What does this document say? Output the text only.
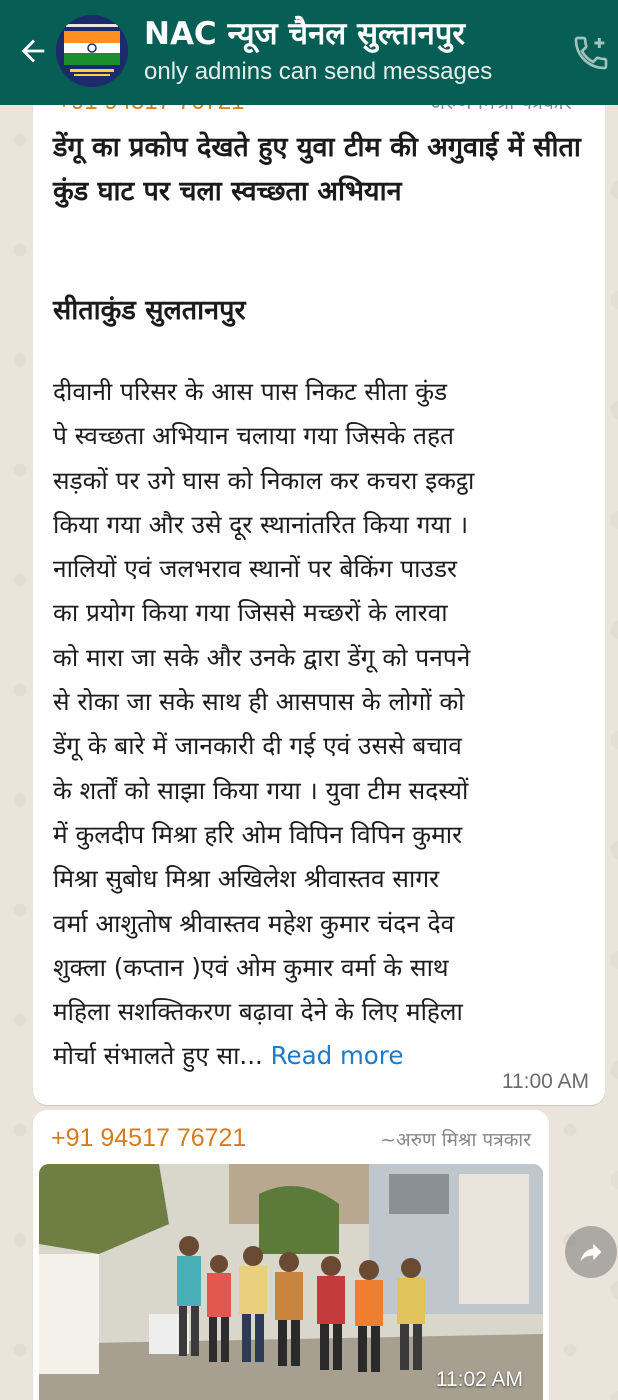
NAC न्यूज चैनल सुल्तानपुर
only admins can send messages
डेंगू का प्रकोप देखते हुए युवा टीम की अगुवाई में सीता कुंड घाट पर चला स्वच्छता अभियान
सीताकुंड सुलतानपुर

दीवानी परिसर के आस पास निकट सीता कुंड
पे स्वच्छता अभियान चलाया गया जिसके तहत
सड़कों पर उगे घास को निकाल कर कचरा इकट्ठा
किया गया और उसे दूर स्थानांतरित किया गया ।
नालियों एवं जलभराव स्थानों पर बेकिंग पाउडर
का प्रयोग किया गया जिससे मच्छरों के लारवा
को मारा जा सके और उनके द्वारा डेंगू को पनपने
से रोका जा सके साथ ही आसपास के लोगों को
डेंगू के बारे में जानकारी दी गई एवं उससे बचाव
के शर्तों को साझा किया गया । युवा टीम सदस्यों
में कुलदीप मिश्रा हरि ओम विपिन विपिन कुमार
मिश्रा सुबोध मिश्रा अखिलेश श्रीवास्तव सागर
वर्मा आशुतोष श्रीवास्तव महेश कुमार चंदन देव
शुक्ला (कप्तान )एवं ओम कुमार वर्मा के साथ
महिला सशक्तिकरण बढ़ावा देने के लिए महिला
मोर्चा संभालते हुए सा... Read more

11:00 AM
+91 94517 76721	~अरुण मिश्रा पत्रकार
11:02 AM
